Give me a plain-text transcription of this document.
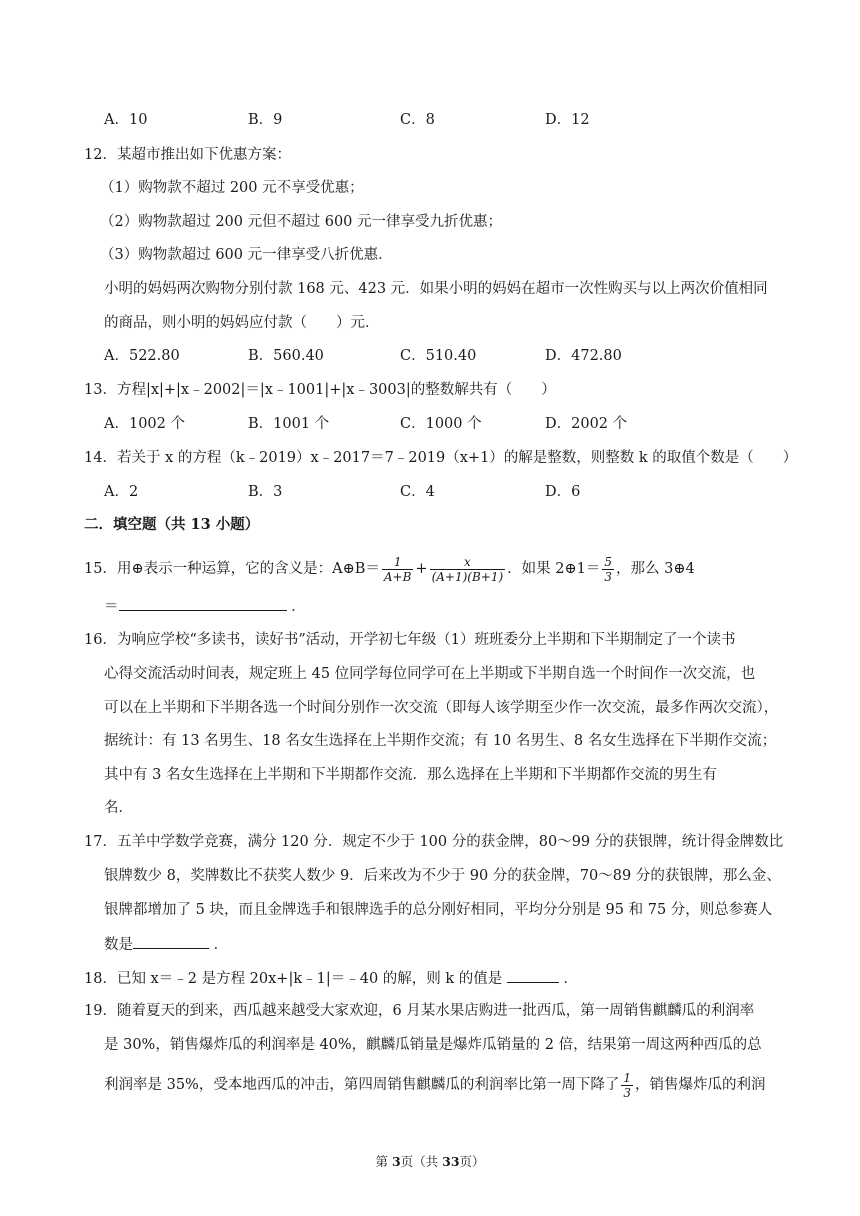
A．10	B．9	C．8	D．12
12．某超市推出如下优惠方案：
（1）购物款不超过 200 元不享受优惠；
（2）购物款超过 200 元但不超过 600 元一律享受九折优惠；
（3）购物款超过 600 元一律享受八折优惠．
小明的妈妈两次购物分别付款 168 元、423 元．如果小明的妈妈在超市一次性购买与以上两次价值相同
的商品，则小明的妈妈应付款（　　）元．
A．522.80	B．560.40	C．510.40	D．472.80
13．方程|x|+|x﹣2002|＝|x﹣1001|+|x﹣3003|的整数解共有（　　）
A．1002 个	B．1001 个	C．1000 个	D．2002 个
14．若关于 x 的方程（k﹣2019）x﹣2017＝7﹣2019（x+1）的解是整数，则整数 k 的取值个数是（　　）
A．2	B．3	C．4	D．6
二．填空题（共 13 小题）
15．用⊕表示一种运算，它的含义是：A⊕B＝ $\frac{1}{A+B} + \frac{x}{(A+1)(B+1)}$ ．如果 2⊕1＝ $\frac{5}{3}$ ，那么 3⊕4
＝	．
16．为响应学校“多读书，读好书”活动，开学初七年级（1）班班委分上半期和下半期制定了一个读书
心得交流活动时间表，规定班上 45 位同学每位同学可在上半期或下半期自选一个时间作一次交流，也
可以在上半期和下半期各选一个时间分别作一次交流（即每人该学期至少作一次交流，最多作两次交流），
据统计：有 13 名男生、18 名女生选择在上半期作交流；有 10 名男生、8 名女生选择在下半期作交流；
其中有 3 名女生选择在上半期和下半期都作交流．那么选择在上半期和下半期都作交流的男生有
名．
17．五羊中学数学竞赛，满分 120 分．规定不少于 100 分的获金牌，80～99 分的获银牌，统计得金牌数比
银牌数少 8，奖牌数比不获奖人数少 9．后来改为不少于 90 分的获金牌，70～89 分的获银牌，那么金、
银牌都增加了 5 块，而且金牌选手和银牌选手的总分刚好相同，平均分分别是 95 和 75 分，则总参赛人
数是	．
18．已知 x＝﹣2 是方程 20x+|k﹣1|＝﹣40 的解，则 k 的值是	．
19．随着夏天的到来，西瓜越来越受大家欢迎，6 月某水果店购进一批西瓜，第一周销售麒麟瓜的利润率
是 30%，销售爆炸瓜的利润率是 40%，麒麟瓜销量是爆炸瓜销量的 2 倍，结果第一周这两种西瓜的总
利润率是 35%，受本地西瓜的冲击，第四周销售麒麟瓜的利润率比第一周下降了 $\frac{1}{3}$ ，销售爆炸瓜的利润
第 3页（共 33页）
